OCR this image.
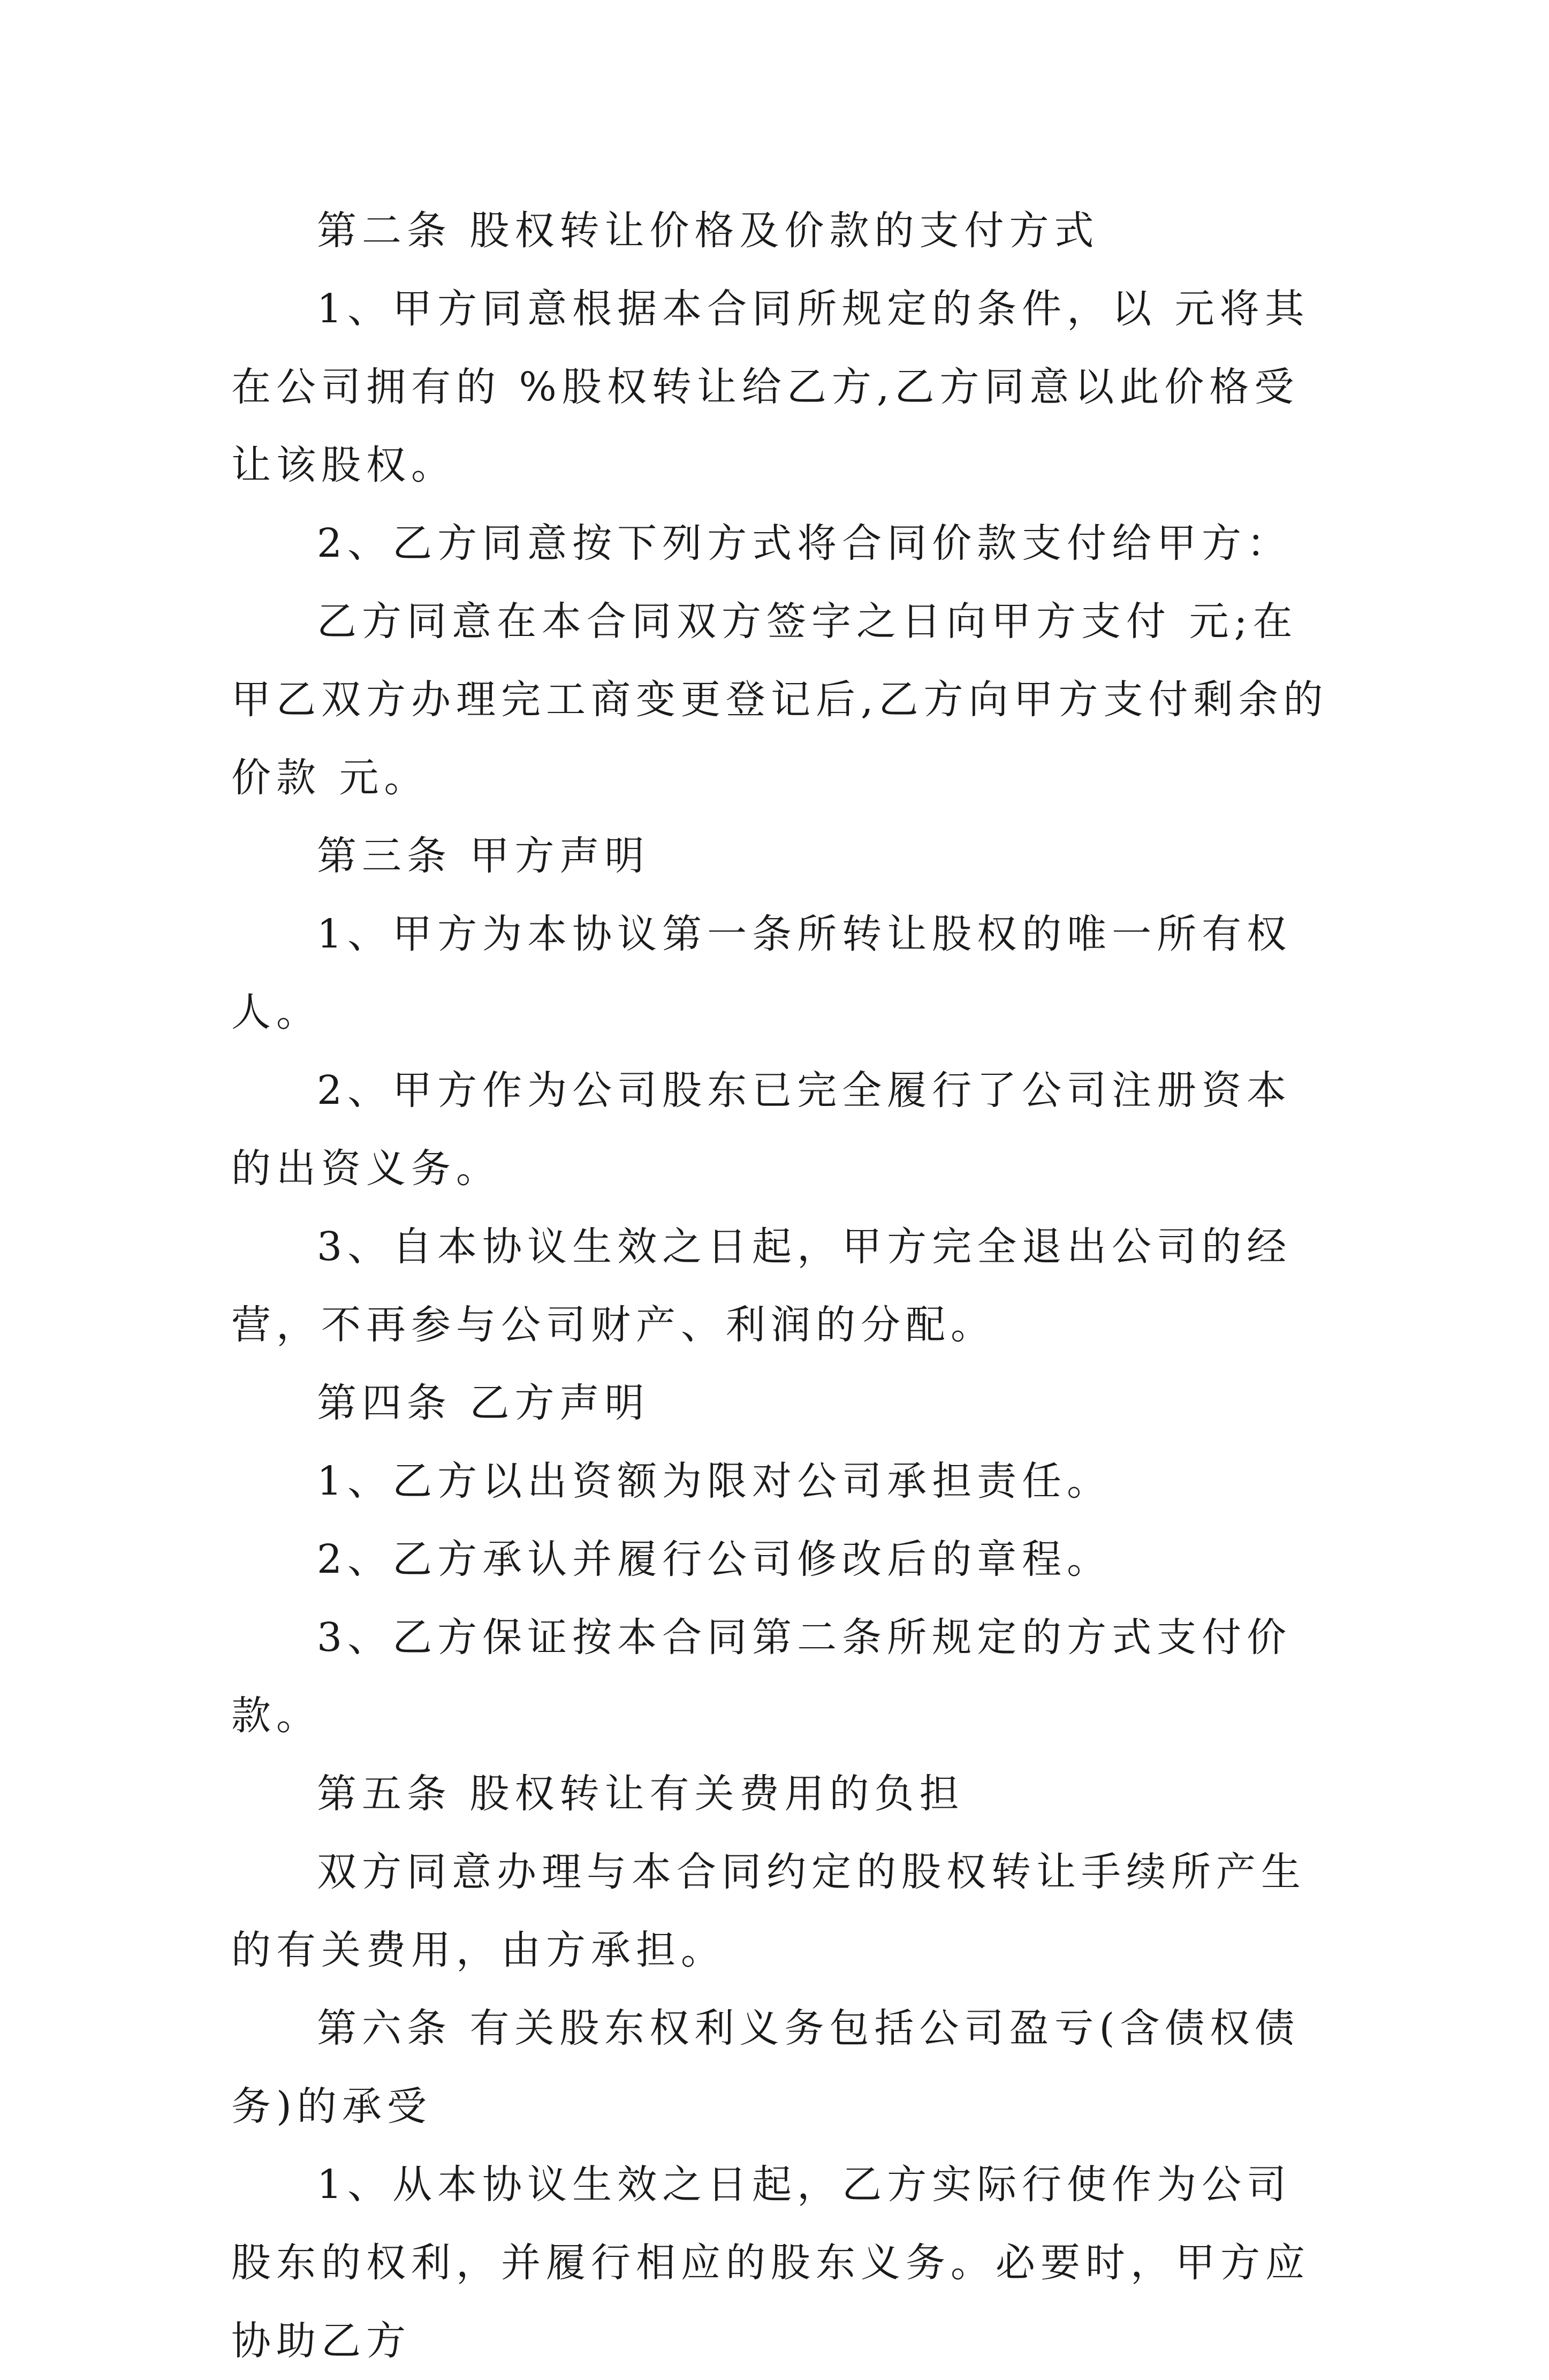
第二条 股权转让价格及价款的支付方式

1、甲方同意根据本合同所规定的条件，以 元将其在公司拥有的 %股权转让给乙方,乙方同意以此价格受让该股权。

2、乙方同意按下列方式将合同价款支付给甲方：

乙方同意在本合同双方签字之日向甲方支付 元;在甲乙双方办理完工商变更登记后,乙方向甲方支付剩余的价款 元。

第三条 甲方声明

1、甲方为本协议第一条所转让股权的唯一所有权人。

2、甲方作为公司股东已完全履行了公司注册资本的出资义务。

3、自本协议生效之日起，甲方完全退出公司的经营，不再参与公司财产、利润的分配。

第四条 乙方声明

1、乙方以出资额为限对公司承担责任。

2、乙方承认并履行公司修改后的章程。

3、乙方保证按本合同第二条所规定的方式支付价款。

第五条 股权转让有关费用的负担

双方同意办理与本合同约定的股权转让手续所产生的有关费用，由方承担。

第六条 有关股东权利义务包括公司盈亏(含债权债务)的承受

1、从本协议生效之日起，乙方实际行使作为公司股东的权利，并履行相应的股东义务。必要时，甲方应协助乙方
